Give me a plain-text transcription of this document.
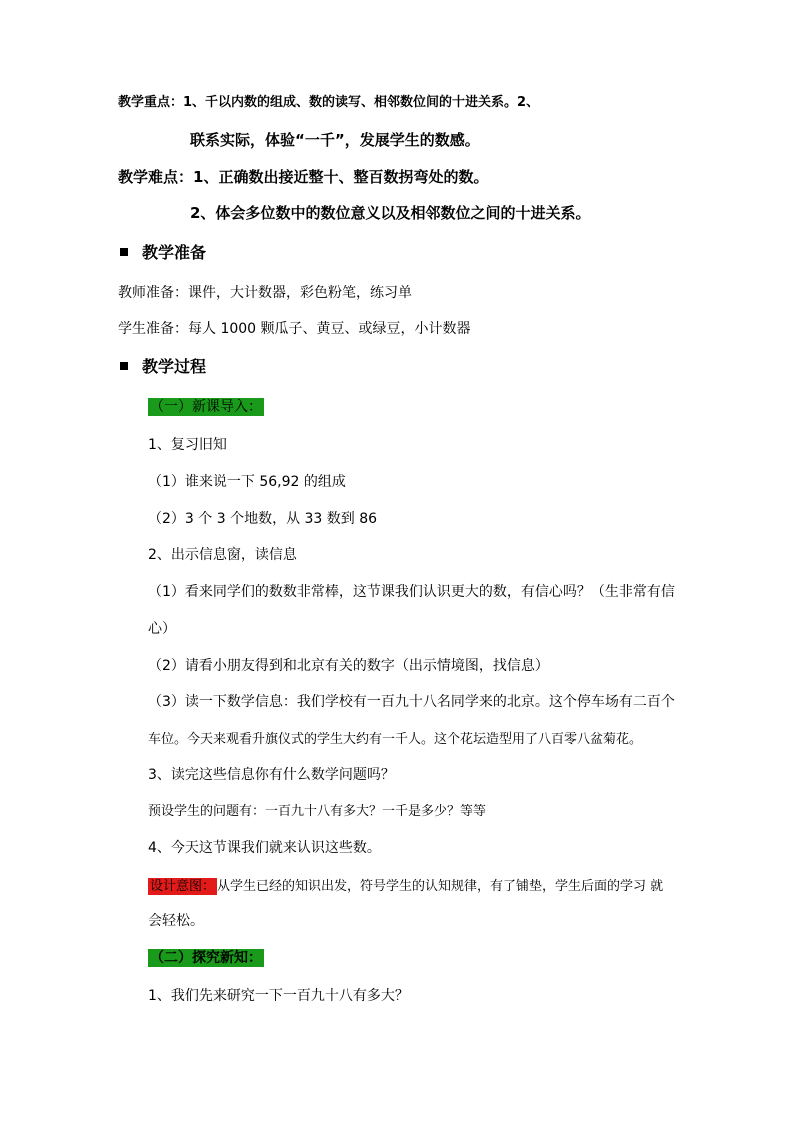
教学重点：1、千以内数的组成、数的读写、相邻数位间的十进关系。2、
联系实际，体验“一千”，发展学生的数感。
教学难点：1、正确数出接近整十、整百数拐弯处的数。
2、体会多位数中的数位意义以及相邻数位之间的十进关系。
教学准备
教师准备：课件，大计数器，彩色粉笔，练习单
学生准备：每人 1000 颗瓜子、黄豆、或绿豆，小计数器
教学过程
（一）新课导入：
1、复习旧知
（1）谁来说一下 56,92 的组成
（2）3 个 3 个地数，从 33 数到 86
2、出示信息窗，读信息
（1）看来同学们的数数非常棒，这节课我们认识更大的数，有信心吗？（生非常有信
心）
（2）请看小朋友得到和北京有关的数字（出示情境图，找信息）
（3）读一下数学信息：我们学校有一百九十八名同学来的北京。这个停车场有二百个
车位。今天来观看升旗仪式的学生大约有一千人。这个花坛造型用了八百零八盆菊花。
3、读完这些信息你有什么数学问题吗？
预设学生的问题有：一百九十八有多大？一千是多少？等等
4、今天这节课我们就来认识这些数。
设计意图： 从学生已经的知识出发，符号学生的认知规律，有了铺垫，学生后面的学习 就
会轻松。
（二）探究新知：
1、我们先来研究一下一百九十八有多大？
